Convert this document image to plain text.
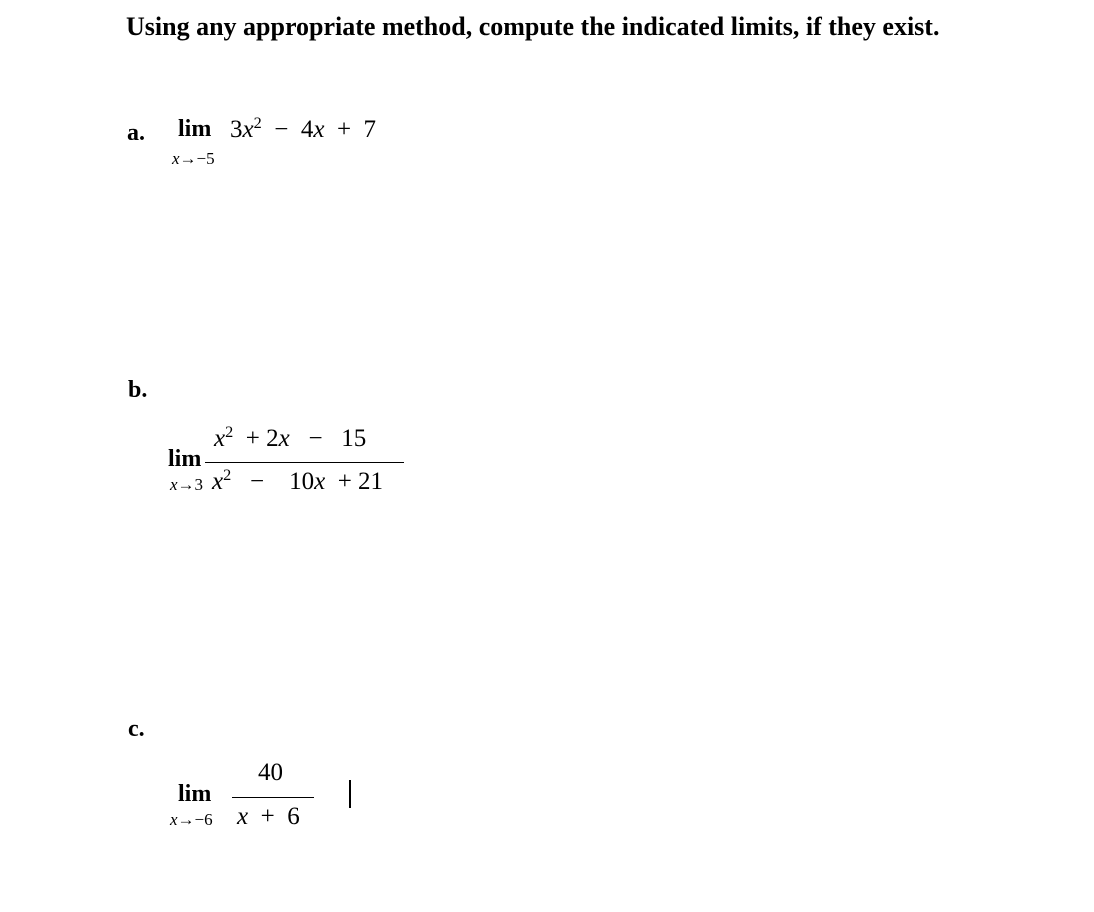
Using any appropriate method, compute the indicated limits, if they exist.
a. $\lim 3x^2 - 4x + 7$
x→−5
b.
$x^2 + 2x - 15$
lim
x→3 $x^2$   −    10x  + 21
c.
40
lim
x→−6 x  +  6
